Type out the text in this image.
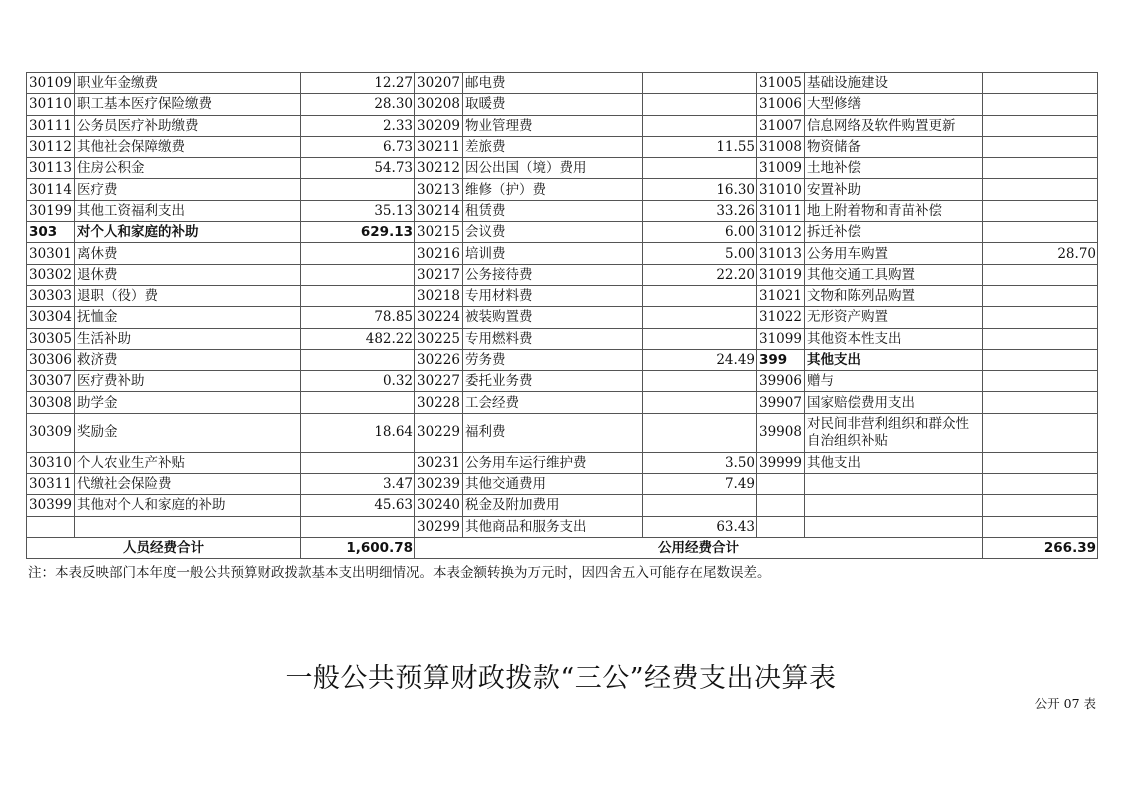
30109	职业年金缴费	12.27	30207	邮电费		31005	基础设施建设	
30110	职工基本医疗保险缴费	28.30	30208	取暖费		31006	大型修缮	
30111	公务员医疗补助缴费	2.33	30209	物业管理费		31007	信息网络及软件购置更新	
30112	其他社会保障缴费	6.73	30211	差旅费	11.55	31008	物资储备	
30113	住房公积金	54.73	30212	因公出国（境）费用		31009	土地补偿	
30114	医疗费		30213	维修（护）费	16.30	31010	安置补助	
30199	其他工资福利支出	35.13	30214	租赁费	33.26	31011	地上附着物和青苗补偿	
303	对个人和家庭的补助	629.13	30215	会议费	6.00	31012	拆迁补偿	
30301	离休费		30216	培训费	5.00	31013	公务用车购置	28.70
30302	退休费		30217	公务接待费	22.20	31019	其他交通工具购置	
30303	退职（役）费		30218	专用材料费		31021	文物和陈列品购置	
30304	抚恤金	78.85	30224	被装购置费		31022	无形资产购置	
30305	生活补助	482.22	30225	专用燃料费		31099	其他资本性支出	
30306	救济费		30226	劳务费	24.49	399	其他支出	
30307	医疗费补助	0.32	30227	委托业务费		39906	赠与	
30308	助学金		30228	工会经费		39907	国家赔偿费用支出	
30309	奖励金	18.64	30229	福利费		39908	对民间非营利组织和群众性自治组织补贴	
30310	个人农业生产补贴		30231	公务用车运行维护费	3.50	39999	其他支出	
30311	代缴社会保险费	3.47	30239	其他交通费用	7.49			
30399	其他对个人和家庭的补助	45.63	30240	税金及附加费用				
			30299	其他商品和服务支出	63.43			
人员经费合计		1,600.78	公用经费合计					266.39
注：本表反映部门本年度一般公共预算财政拨款基本支出明细情况。本表金额转换为万元时，因四舍五入可能存在尾数误差。
一般公共预算财政拨款“三公”经费支出决算表
公开 07 表
